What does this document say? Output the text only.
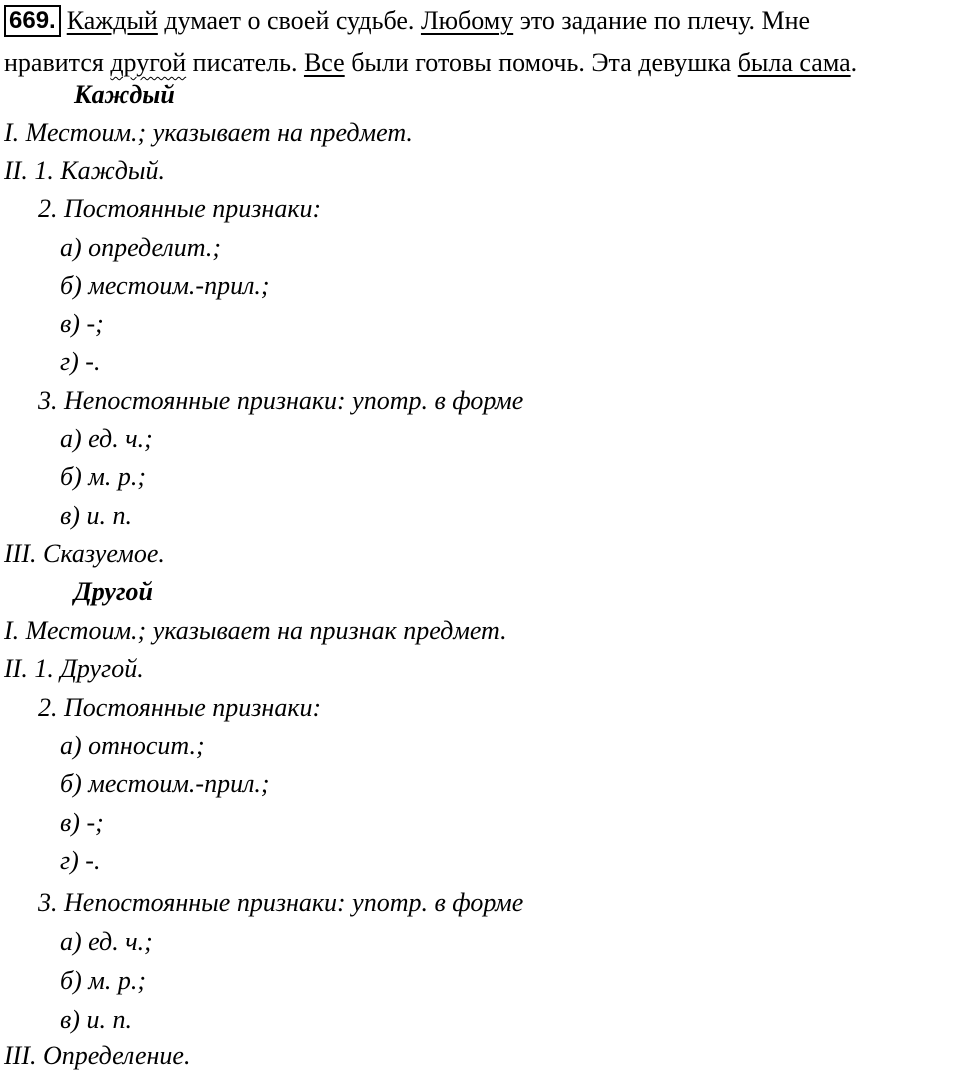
669. Каждый думает о своей судьбе. Любому это задание по плечу. Мне
нравится другой писатель. Все были готовы помочь. Эта девушка была сама.
Каждый
I. Местоим.; указывает на предмет.
II. 1. Каждый.
2. Постоянные признаки:
а) определит.;
б) местоим.-прил.;
в) -;
г) -.
3. Непостоянные признаки: употр. в форме
а) ед. ч.;
б) м. р.;
в) и. п.
III. Сказуемое.
Другой
I. Местоим.; указывает на признак предмет.
II. 1. Другой.
2. Постоянные признаки:
а) относит.;
б) местоим.-прил.;
в) -;
г) -.
3. Непостоянные признаки: употр. в форме
а) ед. ч.;
б) м. р.;
в) и. п.
III. Определение.
